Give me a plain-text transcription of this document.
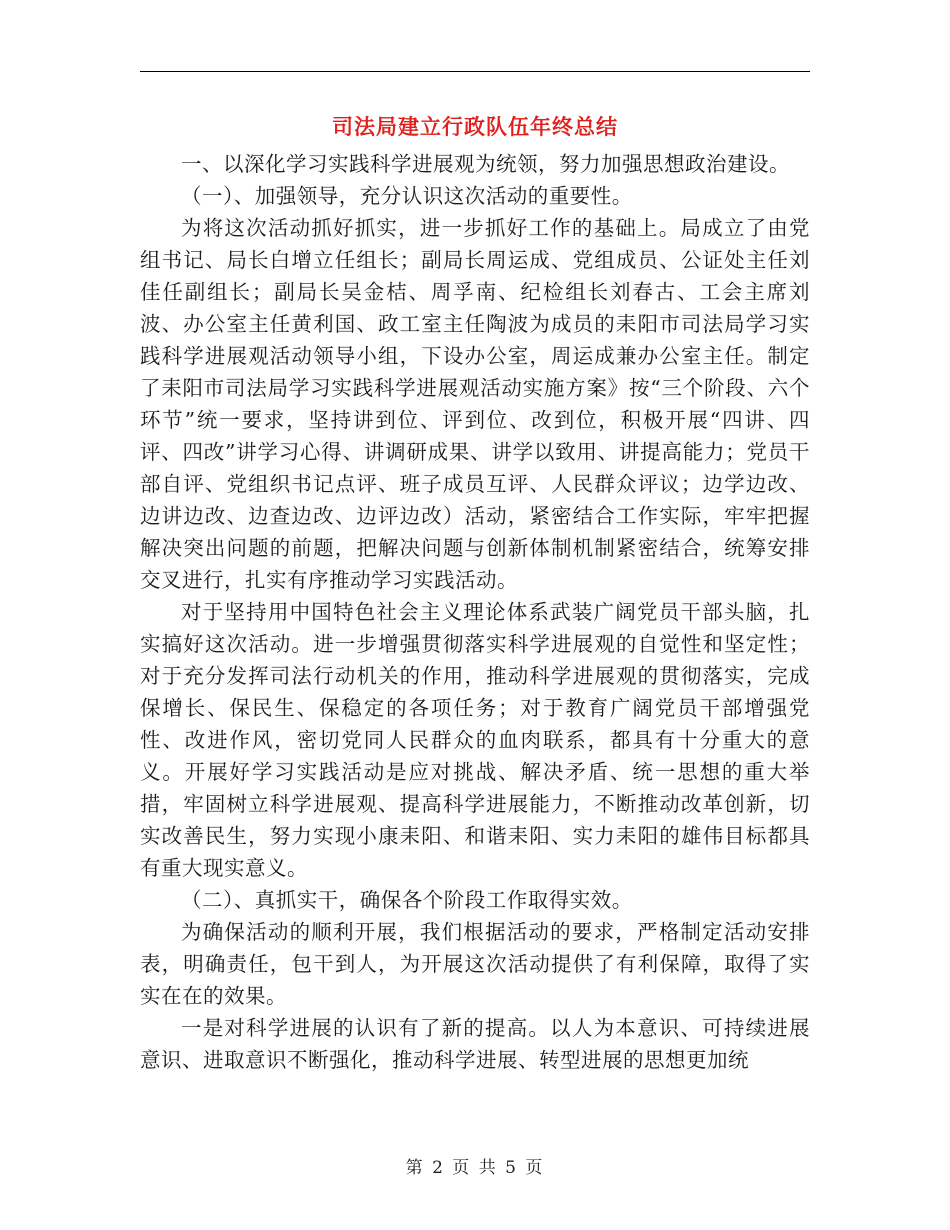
司法局建立行政队伍年终总结

一、以深化学习实践科学进展观为统领，努力加强思想政治建设。

（一）、加强领导，充分认识这次活动的重要性。

为将这次活动抓好抓实，进一步抓好工作的基础上。局成立了由党组书记、局长白增立任组长；副局长周运成、党组成员、公证处主任刘佳任副组长；副局长吴金桔、周孚南、纪检组长刘春古、工会主席刘波、办公室主任黄利国、政工室主任陶波为成员的耒阳市司法局学习实践科学进展观活动领导小组，下设办公室，周运成兼办公室主任。制定了耒阳市司法局学习实践科学进展观活动实施方案》按“三个阶段、六个环节”统一要求，坚持讲到位、评到位、改到位，积极开展“四讲、四评、四改”讲学习心得、讲调研成果、讲学以致用、讲提高能力；党员干部自评、党组织书记点评、班子成员互评、人民群众评议；边学边改、边讲边改、边查边改、边评边改）活动，紧密结合工作实际，牢牢把握解决突出问题的前题，把解决问题与创新体制机制紧密结合，统筹安排交叉进行，扎实有序推动学习实践活动。

对于坚持用中国特色社会主义理论体系武装广阔党员干部头脑，扎实搞好这次活动。进一步增强贯彻落实科学进展观的自觉性和坚定性；对于充分发挥司法行动机关的作用，推动科学进展观的贯彻落实，完成保增长、保民生、保稳定的各项任务；对于教育广阔党员干部增强党性、改进作风，密切党同人民群众的血肉联系，都具有十分重大的意义。开展好学习实践活动是应对挑战、解决矛盾、统一思想的重大举措，牢固树立科学进展观、提高科学进展能力，不断推动改革创新，切实改善民生，努力实现小康耒阳、和谐耒阳、实力耒阳的雄伟目标都具有重大现实意义。

（二）、真抓实干，确保各个阶段工作取得实效。

为确保活动的顺利开展，我们根据活动的要求，严格制定活动安排表，明确责任，包干到人，为开展这次活动提供了有利保障，取得了实实在在的效果。

一是对科学进展的认识有了新的提高。以人为本意识、可持续进展意识、进取意识不断强化，推动科学进展、转型进展的思想更加统

第 2 页 共 5 页
